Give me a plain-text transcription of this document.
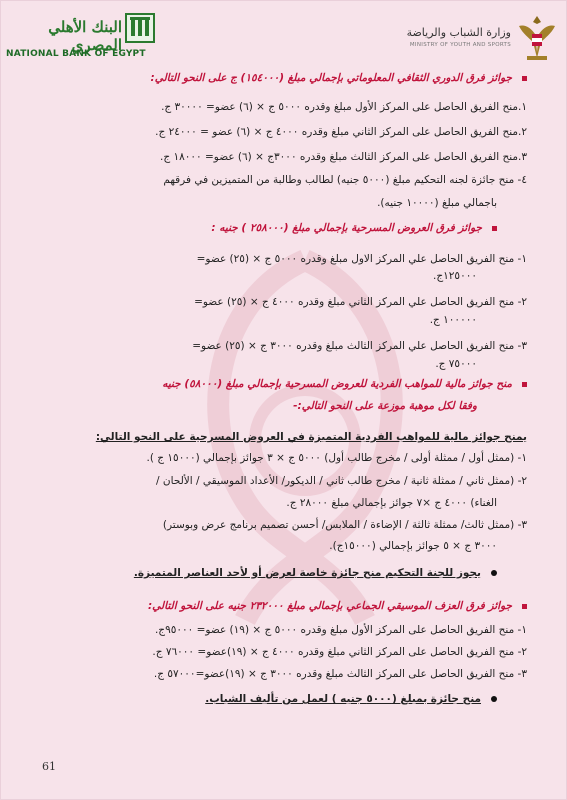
البنك الأهلي المصري
NATIONAL BANK OF EGYPT
وزارة الشباب والرياضة
MINISTRY OF YOUTH AND SPORTS
جوائز فرق الدوري الثقافي المعلوماتي بإجمالي مبلغ (١٥٤٠٠٠) ج على النحو التالي:
١.منح الفريق الحاصل على المركز الأول مبلغ وقدره ٥٠٠٠ ج × (٦) عضو= ٣٠٠٠٠ ج.
٢.منح الفريق الحاصل على المركز الثاني مبلغ وقدره ٤٠٠٠ ج × (٦) عضو = ٢٤٠٠٠ ج.
٣.منح الفريق الحاصل على المركز الثالث مبلغ وقدره ٣٠٠٠ج × (٦) عضو= ١٨٠٠٠ ج.
٤- منح جائزة لجنه التحكيم مبلغ (٥٠٠٠ جنيه) لطالب وطالبة من المتميزين في فرقهم
باجمالي مبلغ (١٠٠٠٠ جنيه).
جوائز فرق العروض المسرحية بإجمالي مبلغ (٢٥٨٠٠٠ ) جنيه :
١- منح الفريق الحاصل علي المركز الاول مبلغ وقدره ٥٠٠٠ ج × (٢٥) عضو=
١٢٥٠٠٠ج.
٢- منح الفريق الحاصل علي المركز الثاني مبلغ وقدره ٤٠٠٠ ج × (٢٥) عضو=
١٠٠٠٠٠ ج.
٣- منح الفريق الحاصل علي المركز الثالث مبلغ وقدره ٣٠٠٠ ج × (٢٥) عضو=
٧٥٠٠٠ ج.
منح جوائز مالية للمواهب الفردية للعروض المسرحية بإجمالي مبلغ (٥٨٠٠٠) جنيه
وفقا لكل موهبة موزعة على النحو التالي:-
يمنح جوائز مالية للمواهب الفردية المتميزة في العروض المسرحية على النحو التالي:
١- (ممثل أول / ممثلة أولى / مخرج طالب أول) ٥٠٠٠ ج × ٣ جوائز بإجمالي (١٥٠٠٠ ج ).
٢- (ممثل ثاني / ممثلة ثانية / مخرج طالب ثاني / الديكور/ الأعداد الموسيقي / الألحان /
الغناء) ٤٠٠٠ ج ×٧ جوائز بإجمالي مبلغ ٢٨٠٠٠ ج.
٣- (ممثل ثالث/ ممثلة ثالثة / الإضاءة / الملابس/ أحسن تصميم برنامج عرض وبوستر)
٣٠٠٠ ج × ٥ جوائز بإجمالي (١٥٠٠٠ج).
يجوز للجنة التحكيم منح جائزة خاصة لعرض أو لأحد العناصر المتميزة.
جوائز فرق العزف الموسيقي الجماعي بإجمالي مبلغ ٢٣٢٠٠٠ جنيه على النحو التالي:
١- منح الفريق الحاصل على المركز الأول مبلغ وقدره ٥٠٠٠ ج × (١٩) عضو= ٩٥٠٠٠ج.
٢- منح الفريق الحاصل على المركز الثاني مبلغ وقدره ٤٠٠٠ ج × (١٩)عضو= ٧٦٠٠٠ ج.
٣- منح الفريق الحاصل على المركز الثالث مبلغ وقدره ٣٠٠٠ ج × (١٩)عضو=٥٧٠٠٠ ج.
منح جائزة بمبلغ (٥٠٠٠ جنيه ) لعمل من تأليف الشباب.
61
